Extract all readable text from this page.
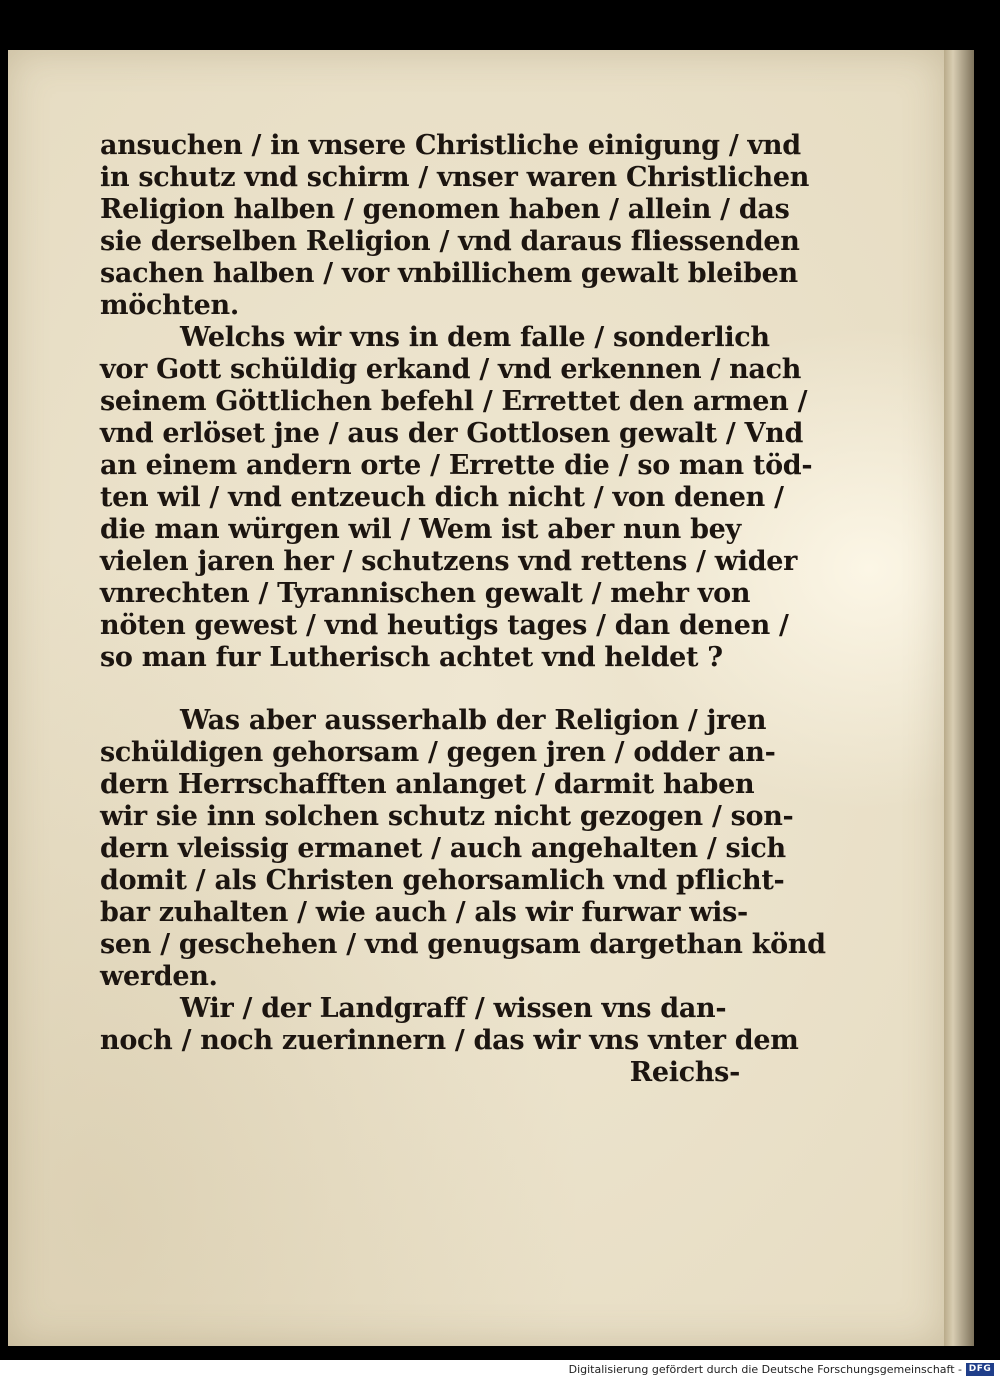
ansuchen / in vnsere Christliche einigung / vnd
in schutz vnd schirm / vnser waren Christlichen
Religion halben / genomen haben / allein / das
sie derselben Religion / vnd daraus fliessenden
sachen halben / vor vnbillichem gewalt bleiben
möchten.
Welchs wir vns in dem falle / sonderlich
vor Gott schüldig erkand / vnd erkennen / nach
seinem Göttlichen befehl / Errettet den armen /
vnd erlöset jne / aus der Gottlosen gewalt / Vnd
an einem andern orte / Errette die / so man töd-
ten wil / vnd entzeuch dich nicht / von denen /
die man würgen wil / Wem ist aber nun bey
vielen jaren her / schutzens vnd rettens / wider
vnrechten / Tyrannischen gewalt / mehr von
nöten gewest / vnd heutigs tages / dan denen /
so man fur Lutherisch achtet vnd heldet ?
Was aber ausserhalb der Religion / jren
schüldigen gehorsam / gegen jren / odder an-
dern Herrschafften anlanget / darmit haben
wir sie inn solchen schutz nicht gezogen / son-
dern vleissig ermanet / auch angehalten / sich
domit / als Christen gehorsamlich vnd pflicht-
bar zuhalten / wie auch / als wir furwar wis-
sen / geschehen / vnd genugsam dargethan könd
werden.
Wir / der Landgraff / wissen vns dan-
noch / noch zuerinnern / das wir vns vnter dem
Reichs-
Digitalisierung gefördert durch die Deutsche Forschungsgemeinschaft - DFG
